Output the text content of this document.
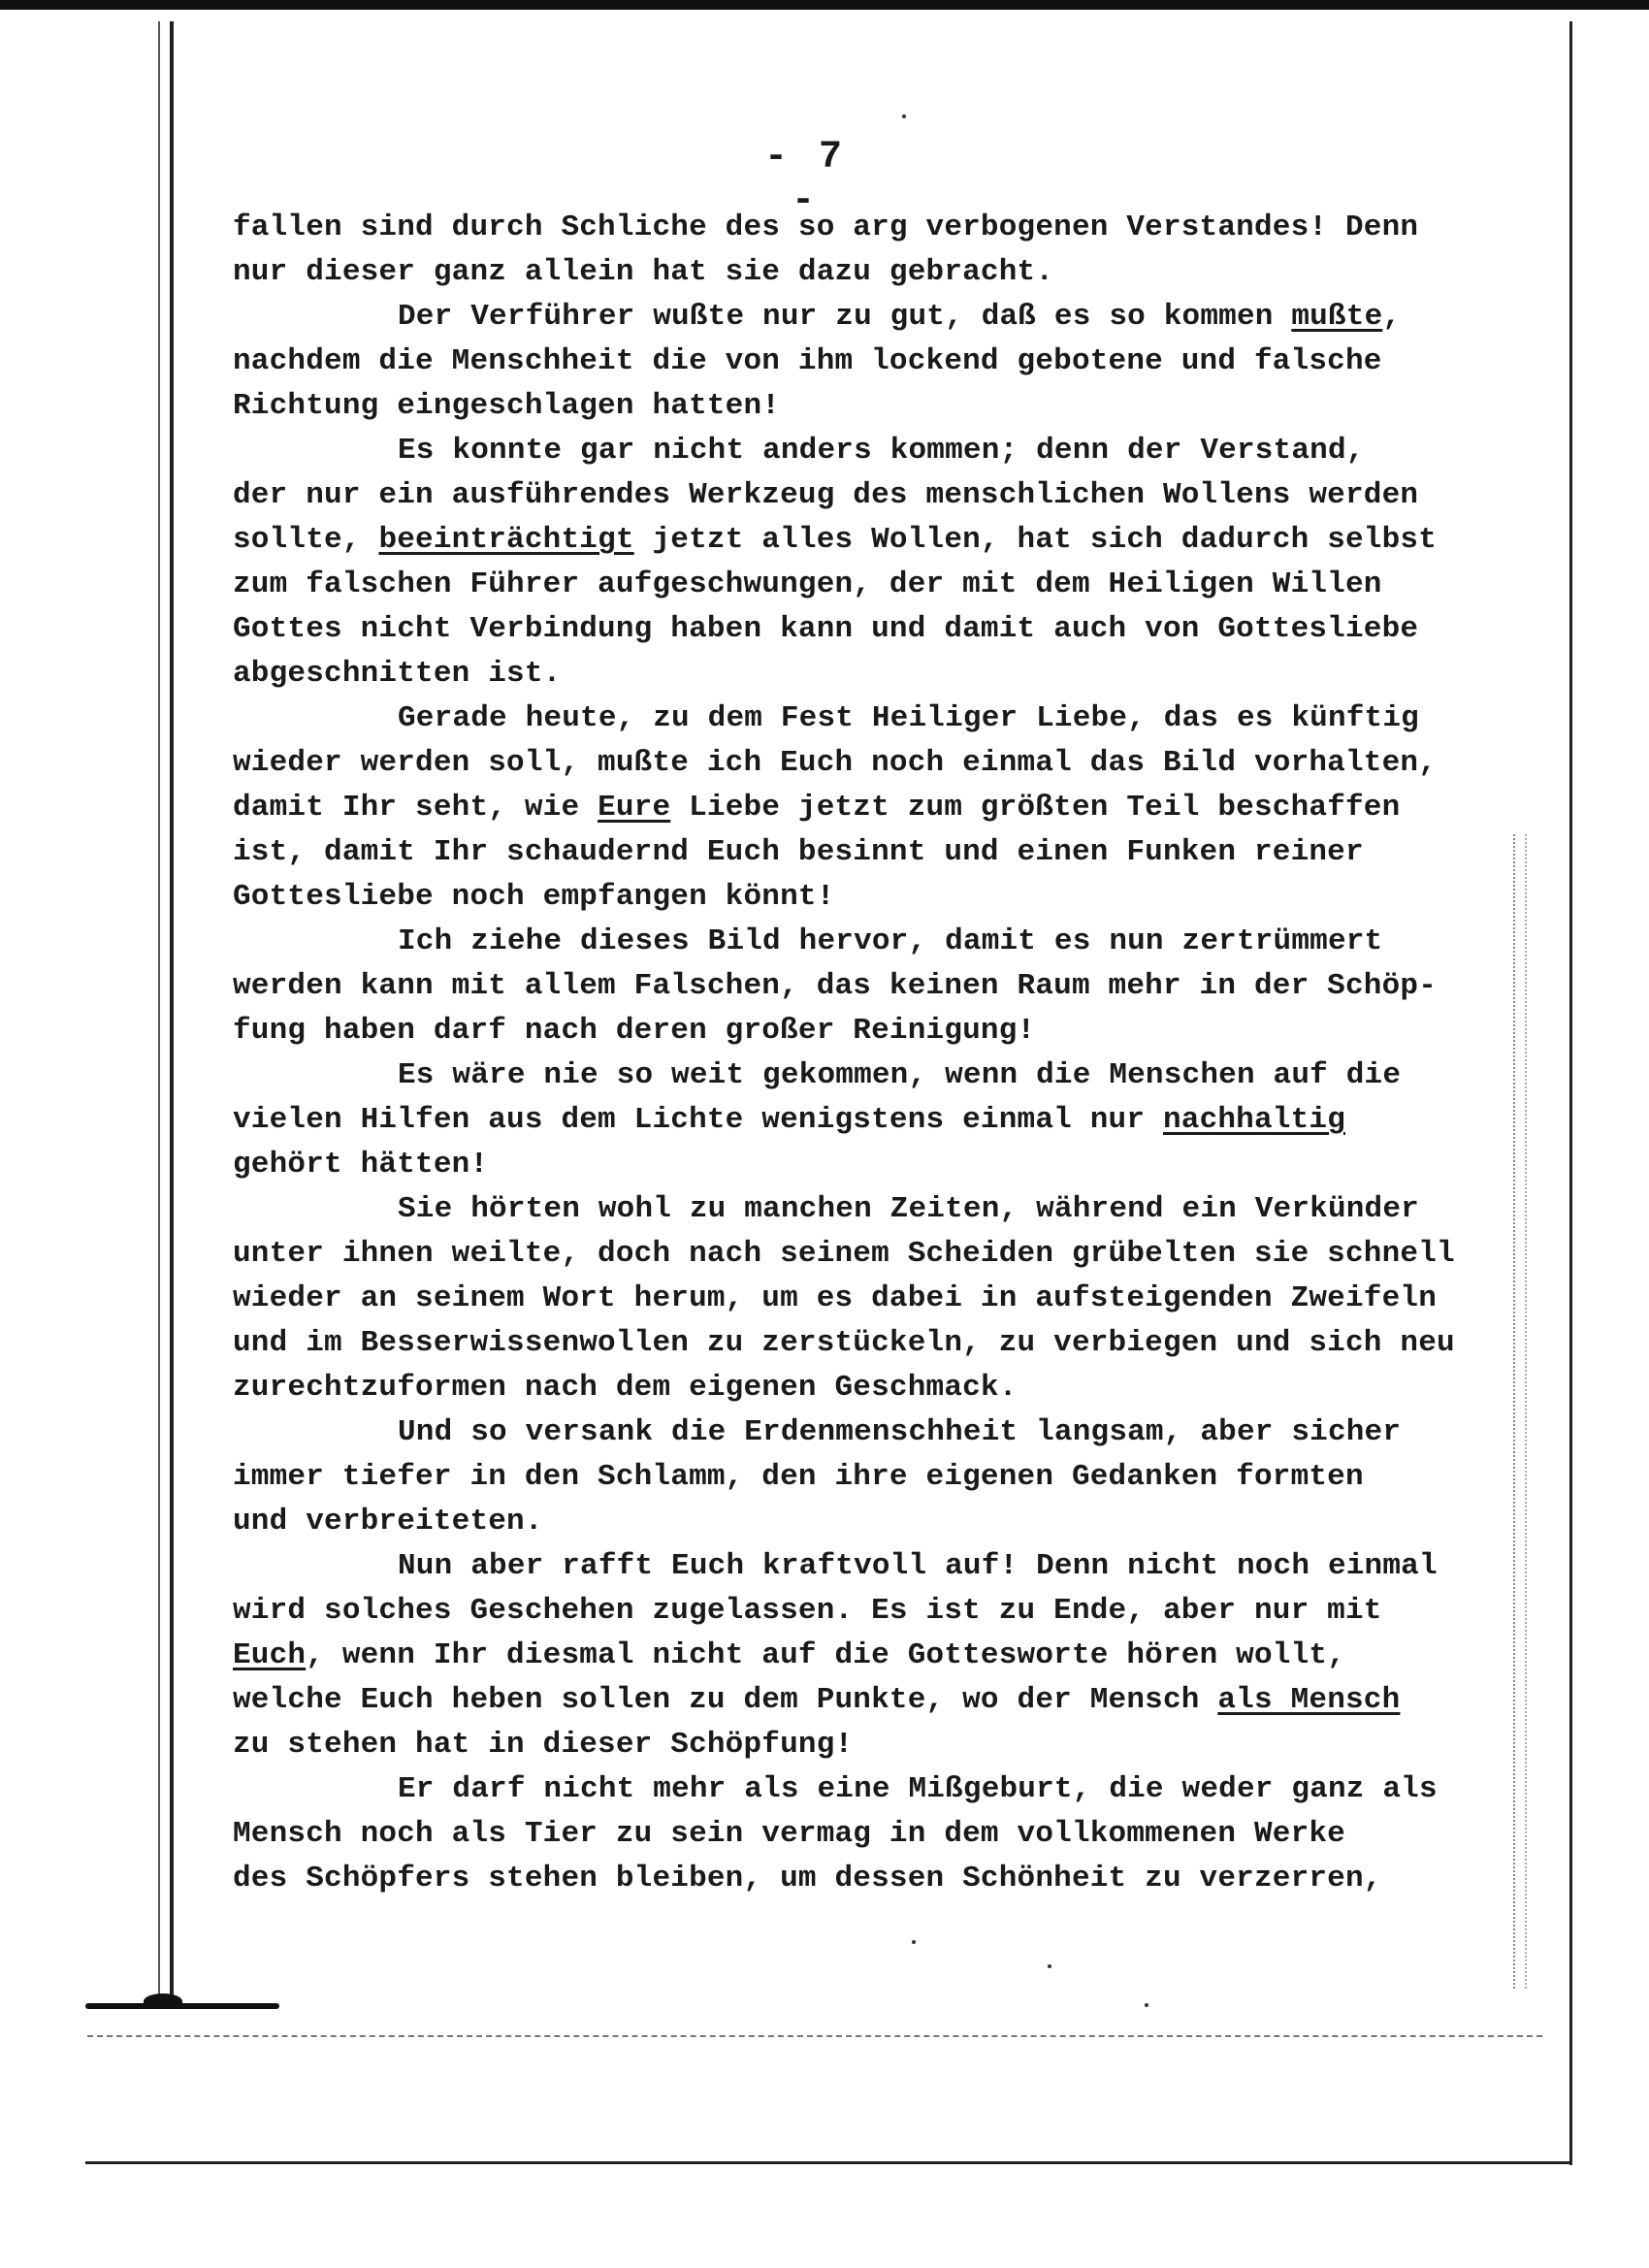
- 7 -
fallen sind durch Schliche des so arg verbogenen Verstandes! Denn
nur dieser ganz allein hat sie dazu gebracht.
Der Verführer wußte nur zu gut, daß es so kommen mußte,
nachdem die Menschheit die von ihm lockend gebotene und falsche
Richtung eingeschlagen hatten!
Es konnte gar nicht anders kommen; denn der Verstand,
der nur ein ausführendes Werkzeug des menschlichen Wollens werden
sollte, beeinträchtigt jetzt alles Wollen, hat sich dadurch selbst
zum falschen Führer aufgeschwungen, der mit dem Heiligen Willen
Gottes nicht Verbindung haben kann und damit auch von Gottesliebe
abgeschnitten ist.
Gerade heute, zu dem Fest Heiliger Liebe, das es künftig
wieder werden soll, mußte ich Euch noch einmal das Bild vorhalten,
damit Ihr seht, wie Eure Liebe jetzt zum größten Teil beschaffen
ist, damit Ihr schaudernd Euch besinnt und einen Funken reiner
Gottesliebe noch empfangen könnt!
Ich ziehe dieses Bild hervor, damit es nun zertrümmert
werden kann mit allem Falschen, das keinen Raum mehr in der Schöp-
fung haben darf nach deren großer Reinigung!
Es wäre nie so weit gekommen, wenn die Menschen auf die
vielen Hilfen aus dem Lichte wenigstens einmal nur nachhaltig
gehört hätten!
Sie hörten wohl zu manchen Zeiten, während ein Verkünder
unter ihnen weilte, doch nach seinem Scheiden grübelten sie schnell
wieder an seinem Wort herum, um es dabei in aufsteigenden Zweifeln
und im Besserwissenwollen zu zerstückeln, zu verbiegen und sich neu
zurechtzuformen nach dem eigenen Geschmack.
Und so versank die Erdenmenschheit langsam, aber sicher
immer tiefer in den Schlamm, den ihre eigenen Gedanken formten
und verbreiteten.
Nun aber rafft Euch kraftvoll auf! Denn nicht noch einmal
wird solches Geschehen zugelassen. Es ist zu Ende, aber nur mit
Euch, wenn Ihr diesmal nicht auf die Gottesworte hören wollt,
welche Euch heben sollen zu dem Punkte, wo der Mensch als Mensch
zu stehen hat in dieser Schöpfung!
Er darf nicht mehr als eine Mißgeburt, die weder ganz als
Mensch noch als Tier zu sein vermag in dem vollkommenen Werke
des Schöpfers stehen bleiben, um dessen Schönheit zu verzerren,
